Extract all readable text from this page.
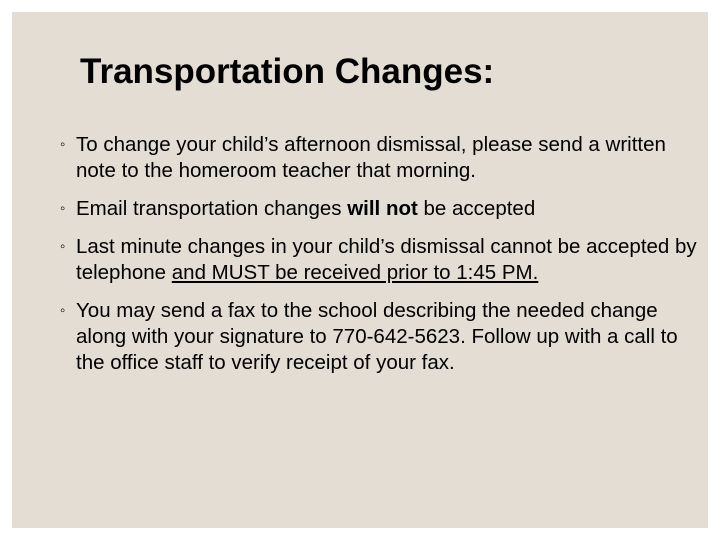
Transportation Changes:
◦ To change your child’s afternoon dismissal, please send a written note to the homeroom teacher that morning.
◦ Email transportation changes will not be accepted
◦ Last minute changes in your child’s dismissal cannot be accepted by telephone and MUST be received prior to 1:45 PM.
◦ You may send a fax to the school describing the needed change along with your signature to 770-642-5623. Follow up with a call to the office staff to verify receipt of your fax.
